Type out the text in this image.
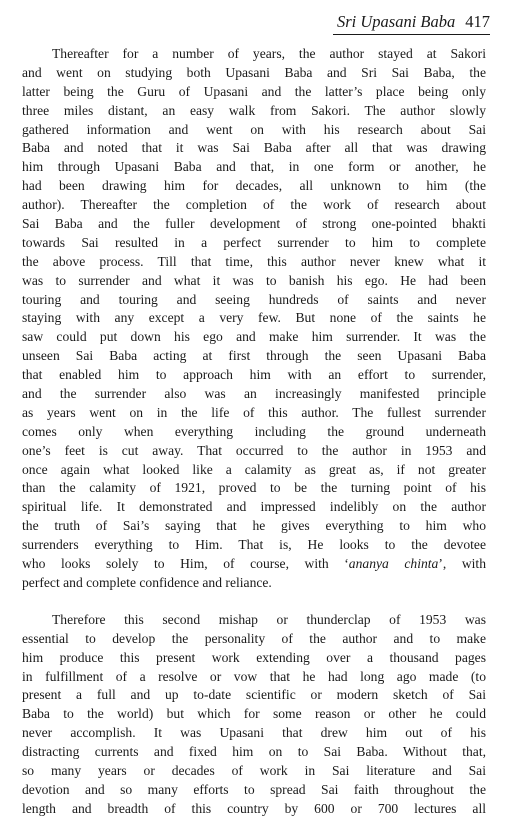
Sri Upasani Baba 417

Thereafter for a number of years, the author stayed at Sakori
and went on studying both Upasani Baba and Sri Sai Baba, the
latter being the Guru of Upasani and the latter’s place being only
three miles distant, an easy walk from Sakori. The author slowly
gathered information and went on with his research about Sai
Baba and noted that it was Sai Baba after all that was drawing
him through Upasani Baba and that, in one form or another, he
had been drawing him for decades, all unknown to him (the
author). Thereafter the completion of the work of research about
Sai Baba and the fuller development of strong one-pointed bhakti
towards Sai resulted in a perfect surrender to him to complete
the above process. Till that time, this author never knew what it
was to surrender and what it was to banish his ego. He had been
touring and touring and seeing hundreds of saints and never
staying with any except a very few. But none of the saints he
saw could put down his ego and make him surrender. It was the
unseen Sai Baba acting at first through the seen Upasani Baba
that enabled him to approach him with an effort to surrender,
and the surrender also was an increasingly manifested principle
as years went on in the life of this author. The fullest surrender
comes only when everything including the ground underneath
one’s feet is cut away. That occurred to the author in 1953 and
once again what looked like a calamity as great as, if not greater
than the calamity of 1921, proved to be the turning point of his
spiritual life. It demonstrated and impressed indelibly on the author
the truth of Sai’s saying that he gives everything to him who
surrenders everything to Him. That is, He looks to the devotee
who looks solely to Him, of course, with ‘ananya chinta’, with
perfect and complete confidence and reliance.

Therefore this second mishap or thunderclap of 1953 was
essential to develop the personality of the author and to make
him produce this present work extending over a thousand pages
in fulfillment of a resolve or vow that he had long ago made (to
present a full and up to-date scientific or modern sketch of Sai
Baba to the world) but which for some reason or other he could
never accomplish. It was Upasani that drew him out of his
distracting currents and fixed him on to Sai Baba. Without that,
so many years or decades of work in Sai literature and Sai
devotion and so many efforts to spread Sai faith throughout the
length and breadth of this country by 600 or 700 lectures all
